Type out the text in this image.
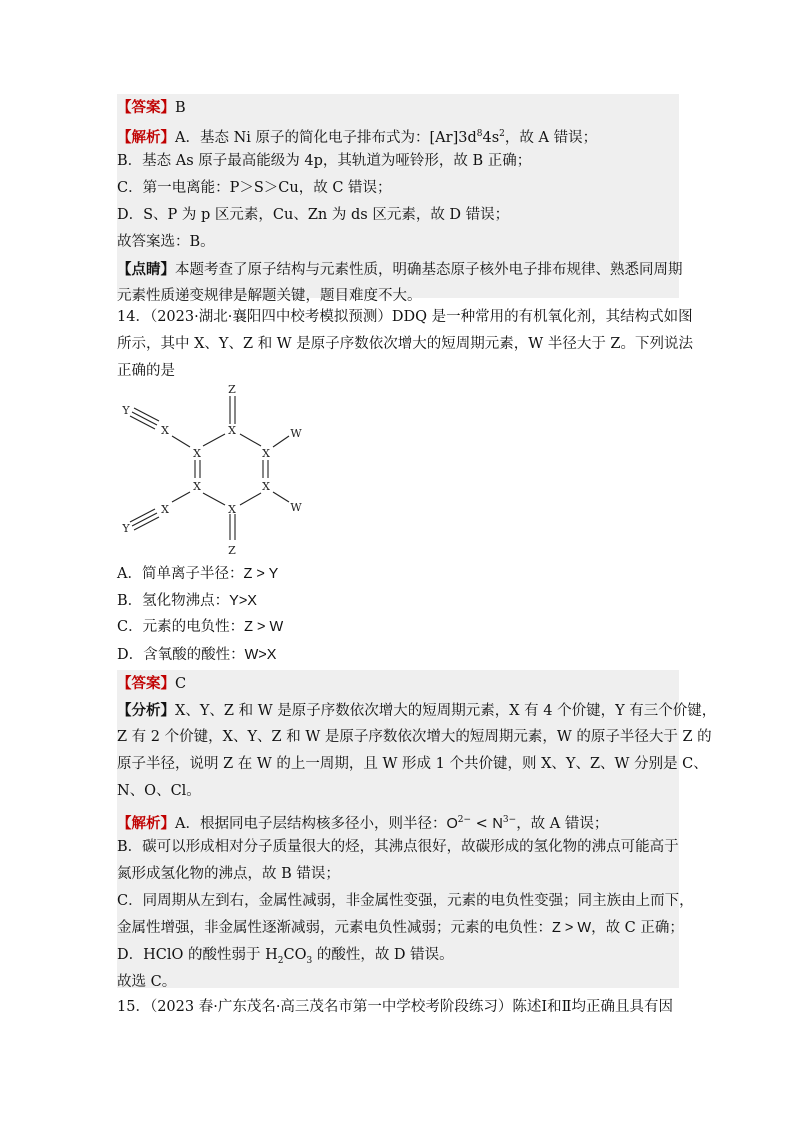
【答案】B
【解析】A．基态 Ni 原子的简化电子排布式为：$[Ar]3d^84s^2$，故 A 错误；
B．基态 As 原子最高能级为 4p，其轨道为哑铃形，故 B 正确；
C．第一电离能：P＞S＞Cu，故 C 错误；
D．S、P 为 p 区元素，Cu、Zn 为 ds 区元素，故 D 错误；
故答案选：B。
【点睛】本题考查了原子结构与元素性质，明确基态原子核外电子排布规律、熟悉同周期
元素性质递变规律是解题关键，题目难度不大。
14．（2023·湖北·襄阳四中校考模拟预测）DDQ 是一种常用的有机氧化剂，其结构式如图
所示，其中 X、Y、Z 和 W 是原子序数依次增大的短周期元素，W 半径大于 Z。下列说法
正确的是
Z
X
X
X
X
X
X
Z
X
X
Y
Y
W
W
A．简单离子半径：Z > Y
B．氢化物沸点：Y>X
C．元素的电负性：Z > W
D．含氧酸的酸性：W>X
【答案】C
【分析】X、Y、Z 和 W 是原子序数依次增大的短周期元素，X 有 4 个价键，Y 有三个价键，
Z 有 2 个价键，X、Y、Z 和 W 是原子序数依次增大的短周期元素，W 的原子半径大于 Z 的
原子半径，说明 Z 在 W 的上一周期，且 W 形成 1 个共价键，则 X、Y、Z、W 分别是 C、
N、O、Cl。
【解析】A．根据同电子层结构核多径小，则半径：$O^{2-} < N^{3-}$，故 A 错误；
B．碳可以形成相对分子质量很大的烃，其沸点很好，故碳形成的氢化物的沸点可能高于
氮形成氢化物的沸点，故 B 错误；
C．同周期从左到右，金属性减弱，非金属性变强，元素的电负性变强；同主族由上而下，
金属性增强，非金属性逐渐减弱，元素电负性减弱；元素的电负性：Z > W，故 C 正确；
D．HClO 的酸性弱于 $H_2CO_3$ 的酸性，故 D 错误。
故选 C。
15．（2023 春·广东茂名·高三茂名市第一中学校考阶段练习）陈述Ⅰ和Ⅱ均正确且具有因
